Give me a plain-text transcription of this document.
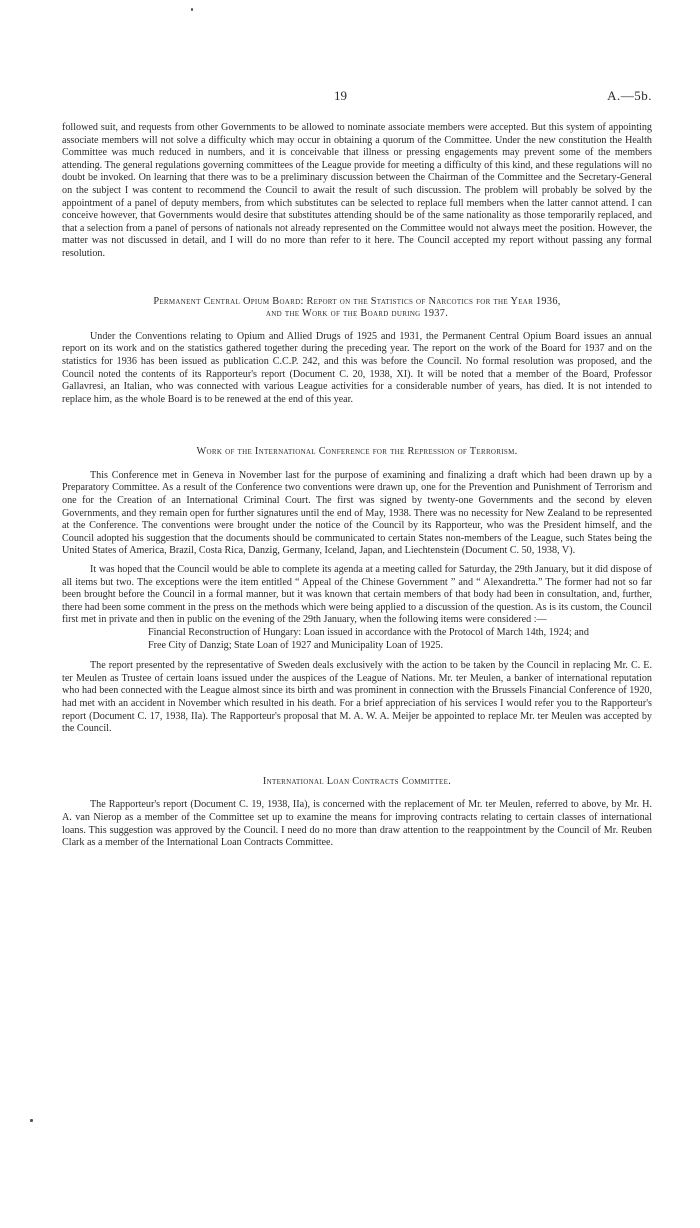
19	A.—5b.

followed suit, and requests from other Governments to be allowed to nominate associate members were accepted. But this system of appointing associate members will not solve a difficulty which may occur in obtaining a quorum of the Committee. Under the new constitution the Health Committee was much reduced in numbers, and it is conceivable that illness or pressing engagements may prevent some of the members attending. The general regulations governing committees of the League provide for meeting a difficulty of this kind, and these regulations will no doubt be invoked. On learning that there was to be a preliminary discussion between the Chairman of the Committee and the Secretary-General on the subject I was content to recommend the Council to await the result of such discussion. The problem will probably be solved by the appointment of a panel of deputy members, from which substitutes can be selected to replace full members when the latter cannot attend. I can conceive however, that Governments would desire that substitutes attending should be of the same nationality as those temporarily replaced, and that a selection from a panel of persons of nationals not already represented on the Committee would not always meet the position. However, the matter was not discussed in detail, and I will do no more than refer to it here. The Council accepted my report without passing any formal resolution.

Permanent Central Opium Board: Report on the Statistics of Narcotics for the Year 1936,
and the Work of the Board during 1937.

Under the Conventions relating to Opium and Allied Drugs of 1925 and 1931, the Permanent Central Opium Board issues an annual report on its work and on the statistics gathered together during the preceding year. The report on the work of the Board for 1937 and on the statistics for 1936 has been issued as publication C.C.P. 242, and this was before the Council. No formal resolution was proposed, and the Council noted the contents of its Rapporteur's report (Document C. 20, 1938, XI). It will be noted that a member of the Board, Professor Gallavresi, an Italian, who was connected with various League activities for a considerable number of years, has died. It is not intended to replace him, as the whole Board is to be renewed at the end of this year.

Work of the International Conference for the Repression of Terrorism.

This Conference met in Geneva in November last for the purpose of examining and finalizing a draft which had been drawn up by a Preparatory Committee. As a result of the Conference two conventions were drawn up, one for the Prevention and Punishment of Terrorism and one for the Creation of an International Criminal Court. The first was signed by twenty-one Governments and the second by eleven Governments, and they remain open for further signatures until the end of May, 1938. There was no necessity for New Zealand to be represented at the Conference. The conventions were brought under the notice of the Council by its Rapporteur, who was the President himself, and the Council adopted his suggestion that the documents should be communicated to certain States non-members of the League, such States being the United States of America, Brazil, Costa Rica, Danzig, Germany, Iceland, Japan, and Liechtenstein (Document C. 50, 1938, V).

It was hoped that the Council would be able to complete its agenda at a meeting called for Saturday, the 29th January, but it did dispose of all items but two. The exceptions were the item entitled “ Appeal of the Chinese Government ” and “ Alexandretta.” The former had not so far been brought before the Council in a formal manner, but it was known that certain members of that body had been in consultation, and, further, there had been some comment in the press on the methods which were being applied to a discussion of the question. As is its custom, the Council first met in private and then in public on the evening of the 29th January, when the following items were considered :—

Financial Reconstruction of Hungary: Loan issued in accordance with the Protocol of March 14th, 1924; and

Free City of Danzig; State Loan of 1927 and Municipality Loan of 1925.

The report presented by the representative of Sweden deals exclusively with the action to be taken by the Council in replacing Mr. C. E. ter Meulen as Trustee of certain loans issued under the auspices of the League of Nations. Mr. ter Meulen, a banker of international reputation who had been connected with the League almost since its birth and was prominent in connection with the Brussels Financial Conference of 1920, had met with an accident in November which resulted in his death. For a brief appreciation of his services I would refer you to the Rapporteur's report (Document C. 17, 1938, IIa). The Rapporteur's proposal that M. A. W. A. Meijer be appointed to replace Mr. ter Meulen was accepted by the Council.

International Loan Contracts Committee.

The Rapporteur's report (Document C. 19, 1938, IIa), is concerned with the replacement of Mr. ter Meulen, referred to above, by Mr. H. A. van Nierop as a member of the Committee set up to examine the means for improving contracts relating to certain classes of international loans. This suggestion was approved by the Council. I need do no more than draw attention to the reappointment by the Council of Mr. Reuben Clark as a member of the International Loan Contracts Committee.
